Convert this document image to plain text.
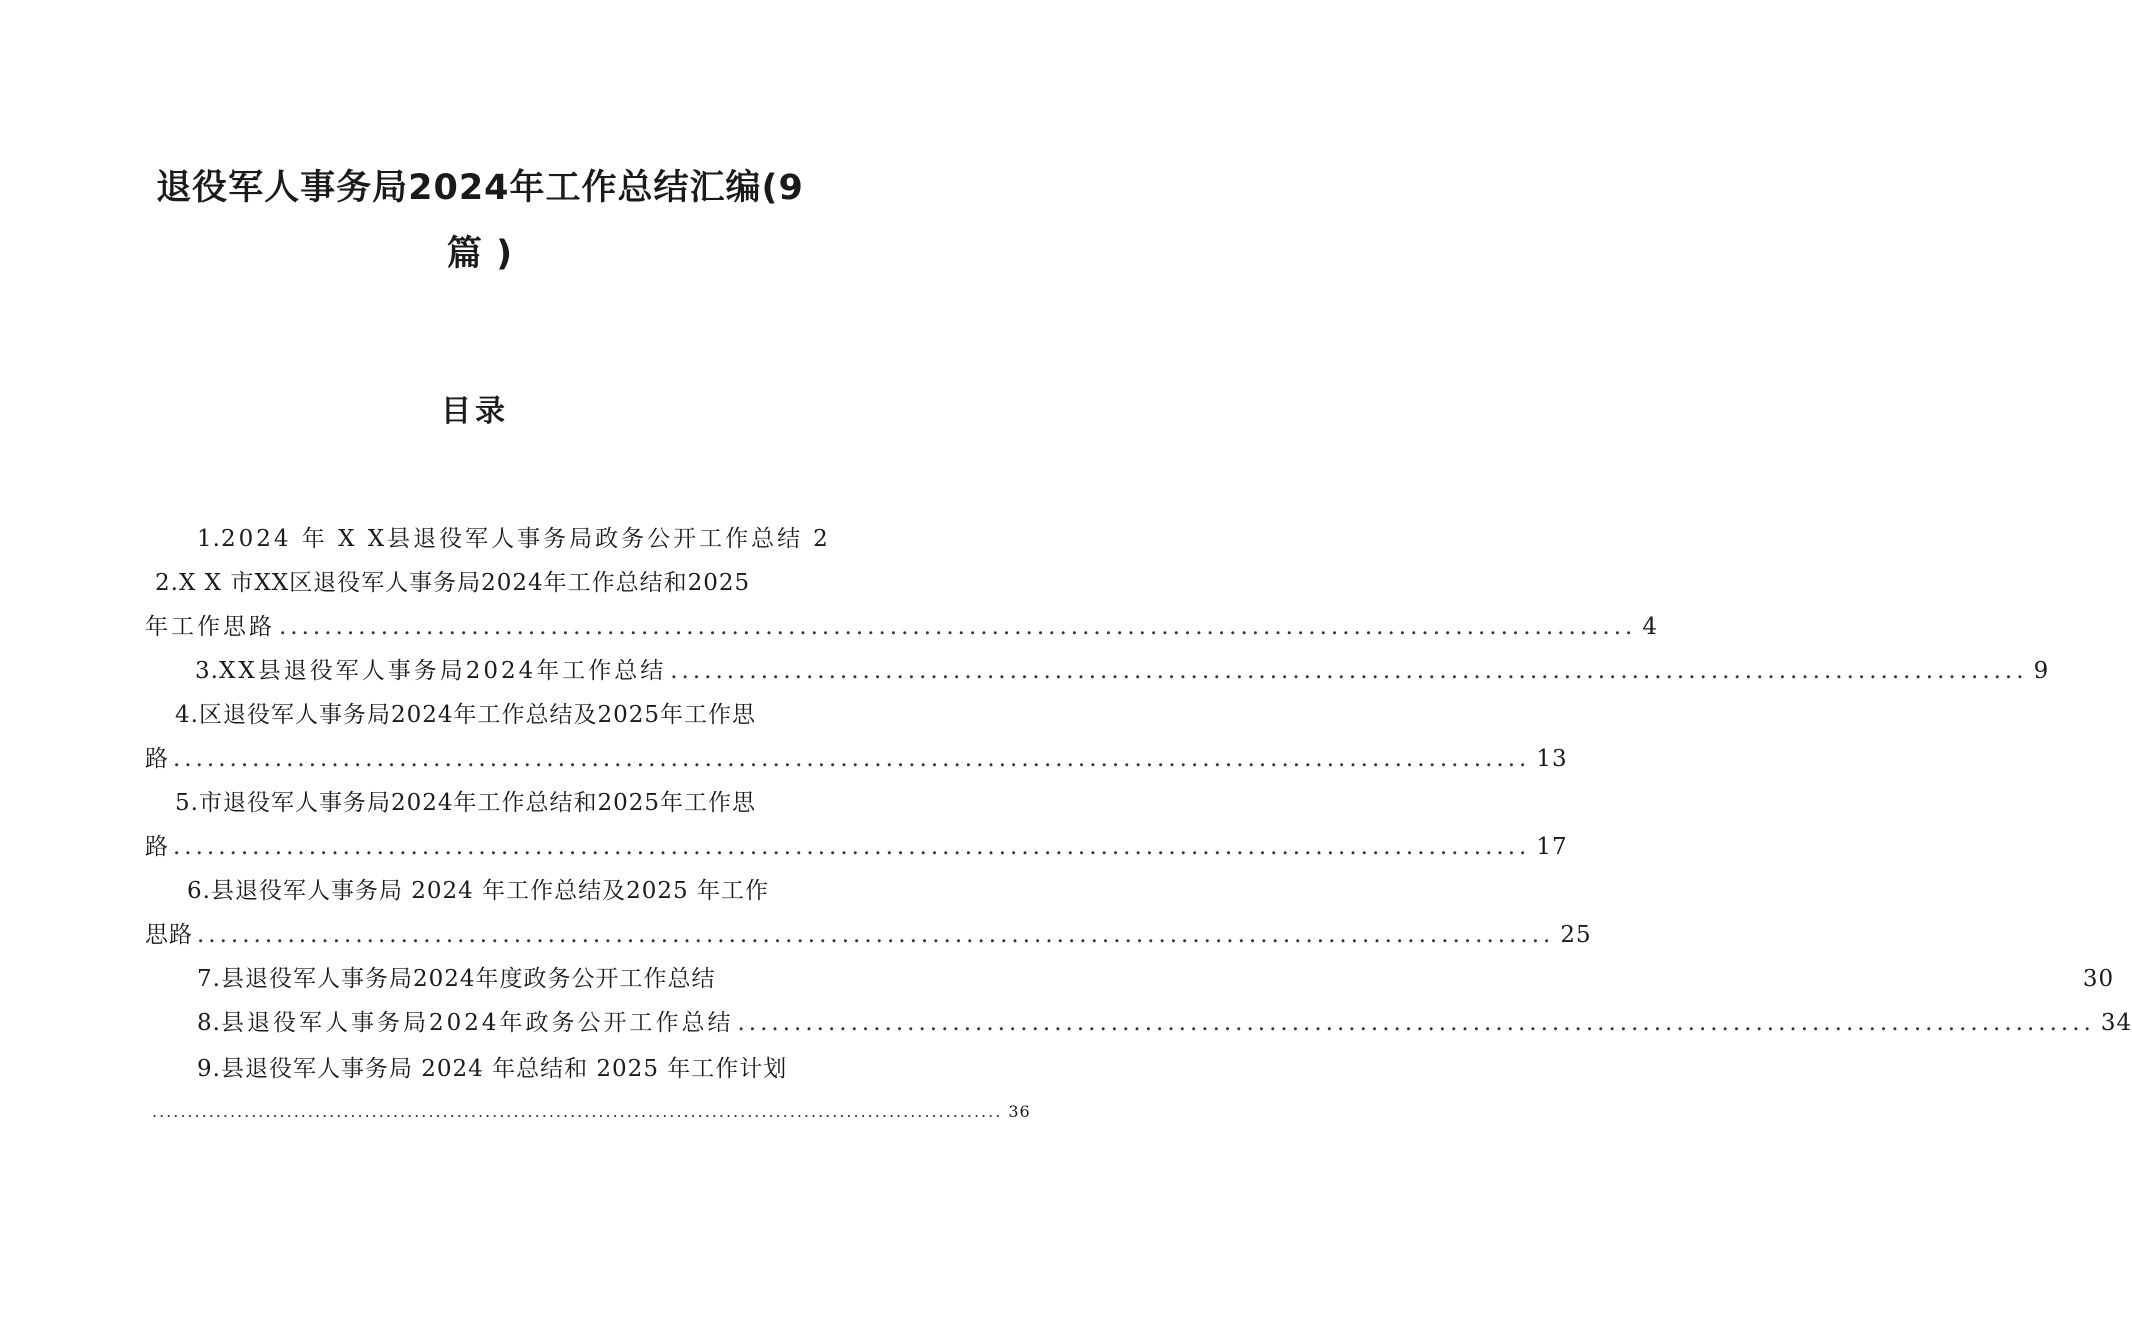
退役军人事务局2024年工作总结汇编(9
篇 )
目录
1. 2024 年 X X县退役军人事务局政务公开工作总结 2
2. X X 市XX区退役军人事务局2024年工作总结和2025
年工作思路 ........................................................................................................................ 4
3. XX县退役军人事务局2024年工作总结 ........................................................................................................................ 9
4. 区退役军人事务局2024年工作总结及2025年工作思
路 ........................................................................................................................ 13
5. 市退役军人事务局2024年工作总结和2025年工作思
路 ........................................................................................................................ 17
6. 县退役军人事务局 2024 年工作总结及2025 年工作
思路 ........................................................................................................................ 25
7. 县退役军人事务局2024年度政务公开工作总结	30
8. 县退役军人事务局2024年政务公开工作总结 ........................................................................................................................ 34
9. 县退役军人事务局 2024 年总结和 2025 年工作计划
........................................................................................................................ 36
